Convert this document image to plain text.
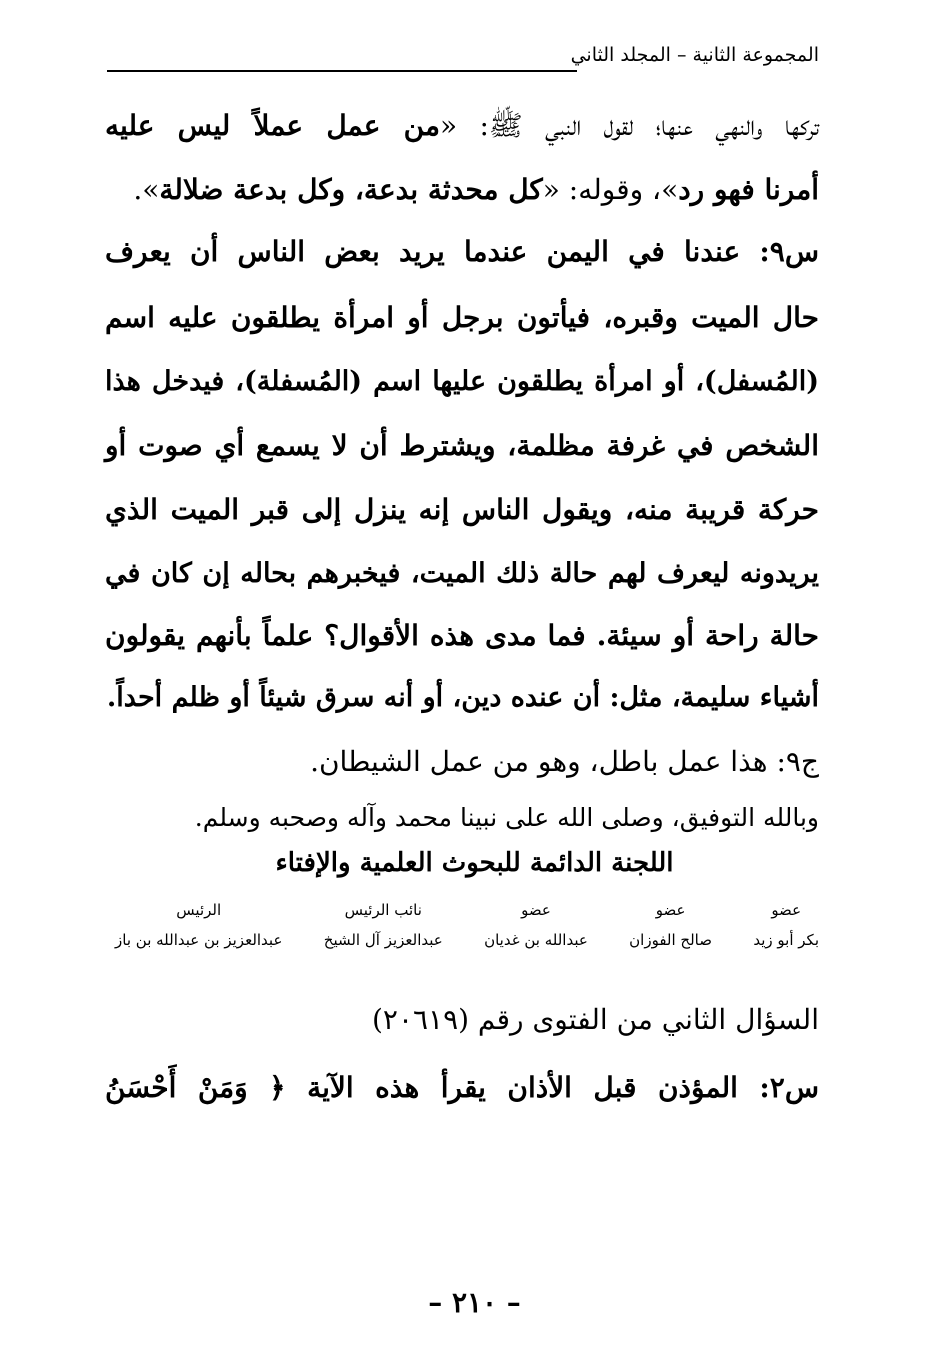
المجموعة الثانية – المجلد الثاني
تركها والنهي عنها؛ لقول النبي ﷺ: «من عمل عملاً ليس عليه
أمرنا فهو رد»، وقوله: «كل محدثة بدعة، وكل بدعة ضلالة».
س٩: عندنا في اليمن عندما يريد بعض الناس أن يعرف
حال الميت وقبره، فيأتون برجل أو امرأة يطلقون عليه اسم
(المُسفل)، أو امرأة يطلقون عليها اسم (المُسفلة)، فيدخل هذا
الشخص في غرفة مظلمة، ويشترط أن لا يسمع أي صوت أو
حركة قريبة منه، ويقول الناس إنه ينزل إلى قبر الميت الذي
يريدونه ليعرف لهم حالة ذلك الميت، فيخبرهم بحاله إن كان في
حالة راحة أو سيئة. فما مدى هذه الأقوال؟ علماً بأنهم يقولون
أشياء سليمة، مثل: أن عنده دين، أو أنه سرق شيئاً أو ظلم أحداً.
ج٩: هذا عمل باطل، وهو من عمل الشيطان.
وبالله التوفيق، وصلى الله على نبينا محمد وآله وصحبه وسلم.
اللجنة الدائمة للبحوث العلمية والإفتاء
عضو
بكر أبو زيد
عضو
صالح الفوزان
عضو
عبدالله بن غديان
نائب الرئيس
عبدالعزيز آل الشيخ
الرئيس
عبدالعزيز بن عبدالله بن باز
السؤال الثاني من الفتوى رقم (٢٠٦١٩)
س٢: المؤذن قبل الأذان يقرأ هذه الآية ﴿ وَمَنْ أَحْسَنُ
– ٢١٠ –
